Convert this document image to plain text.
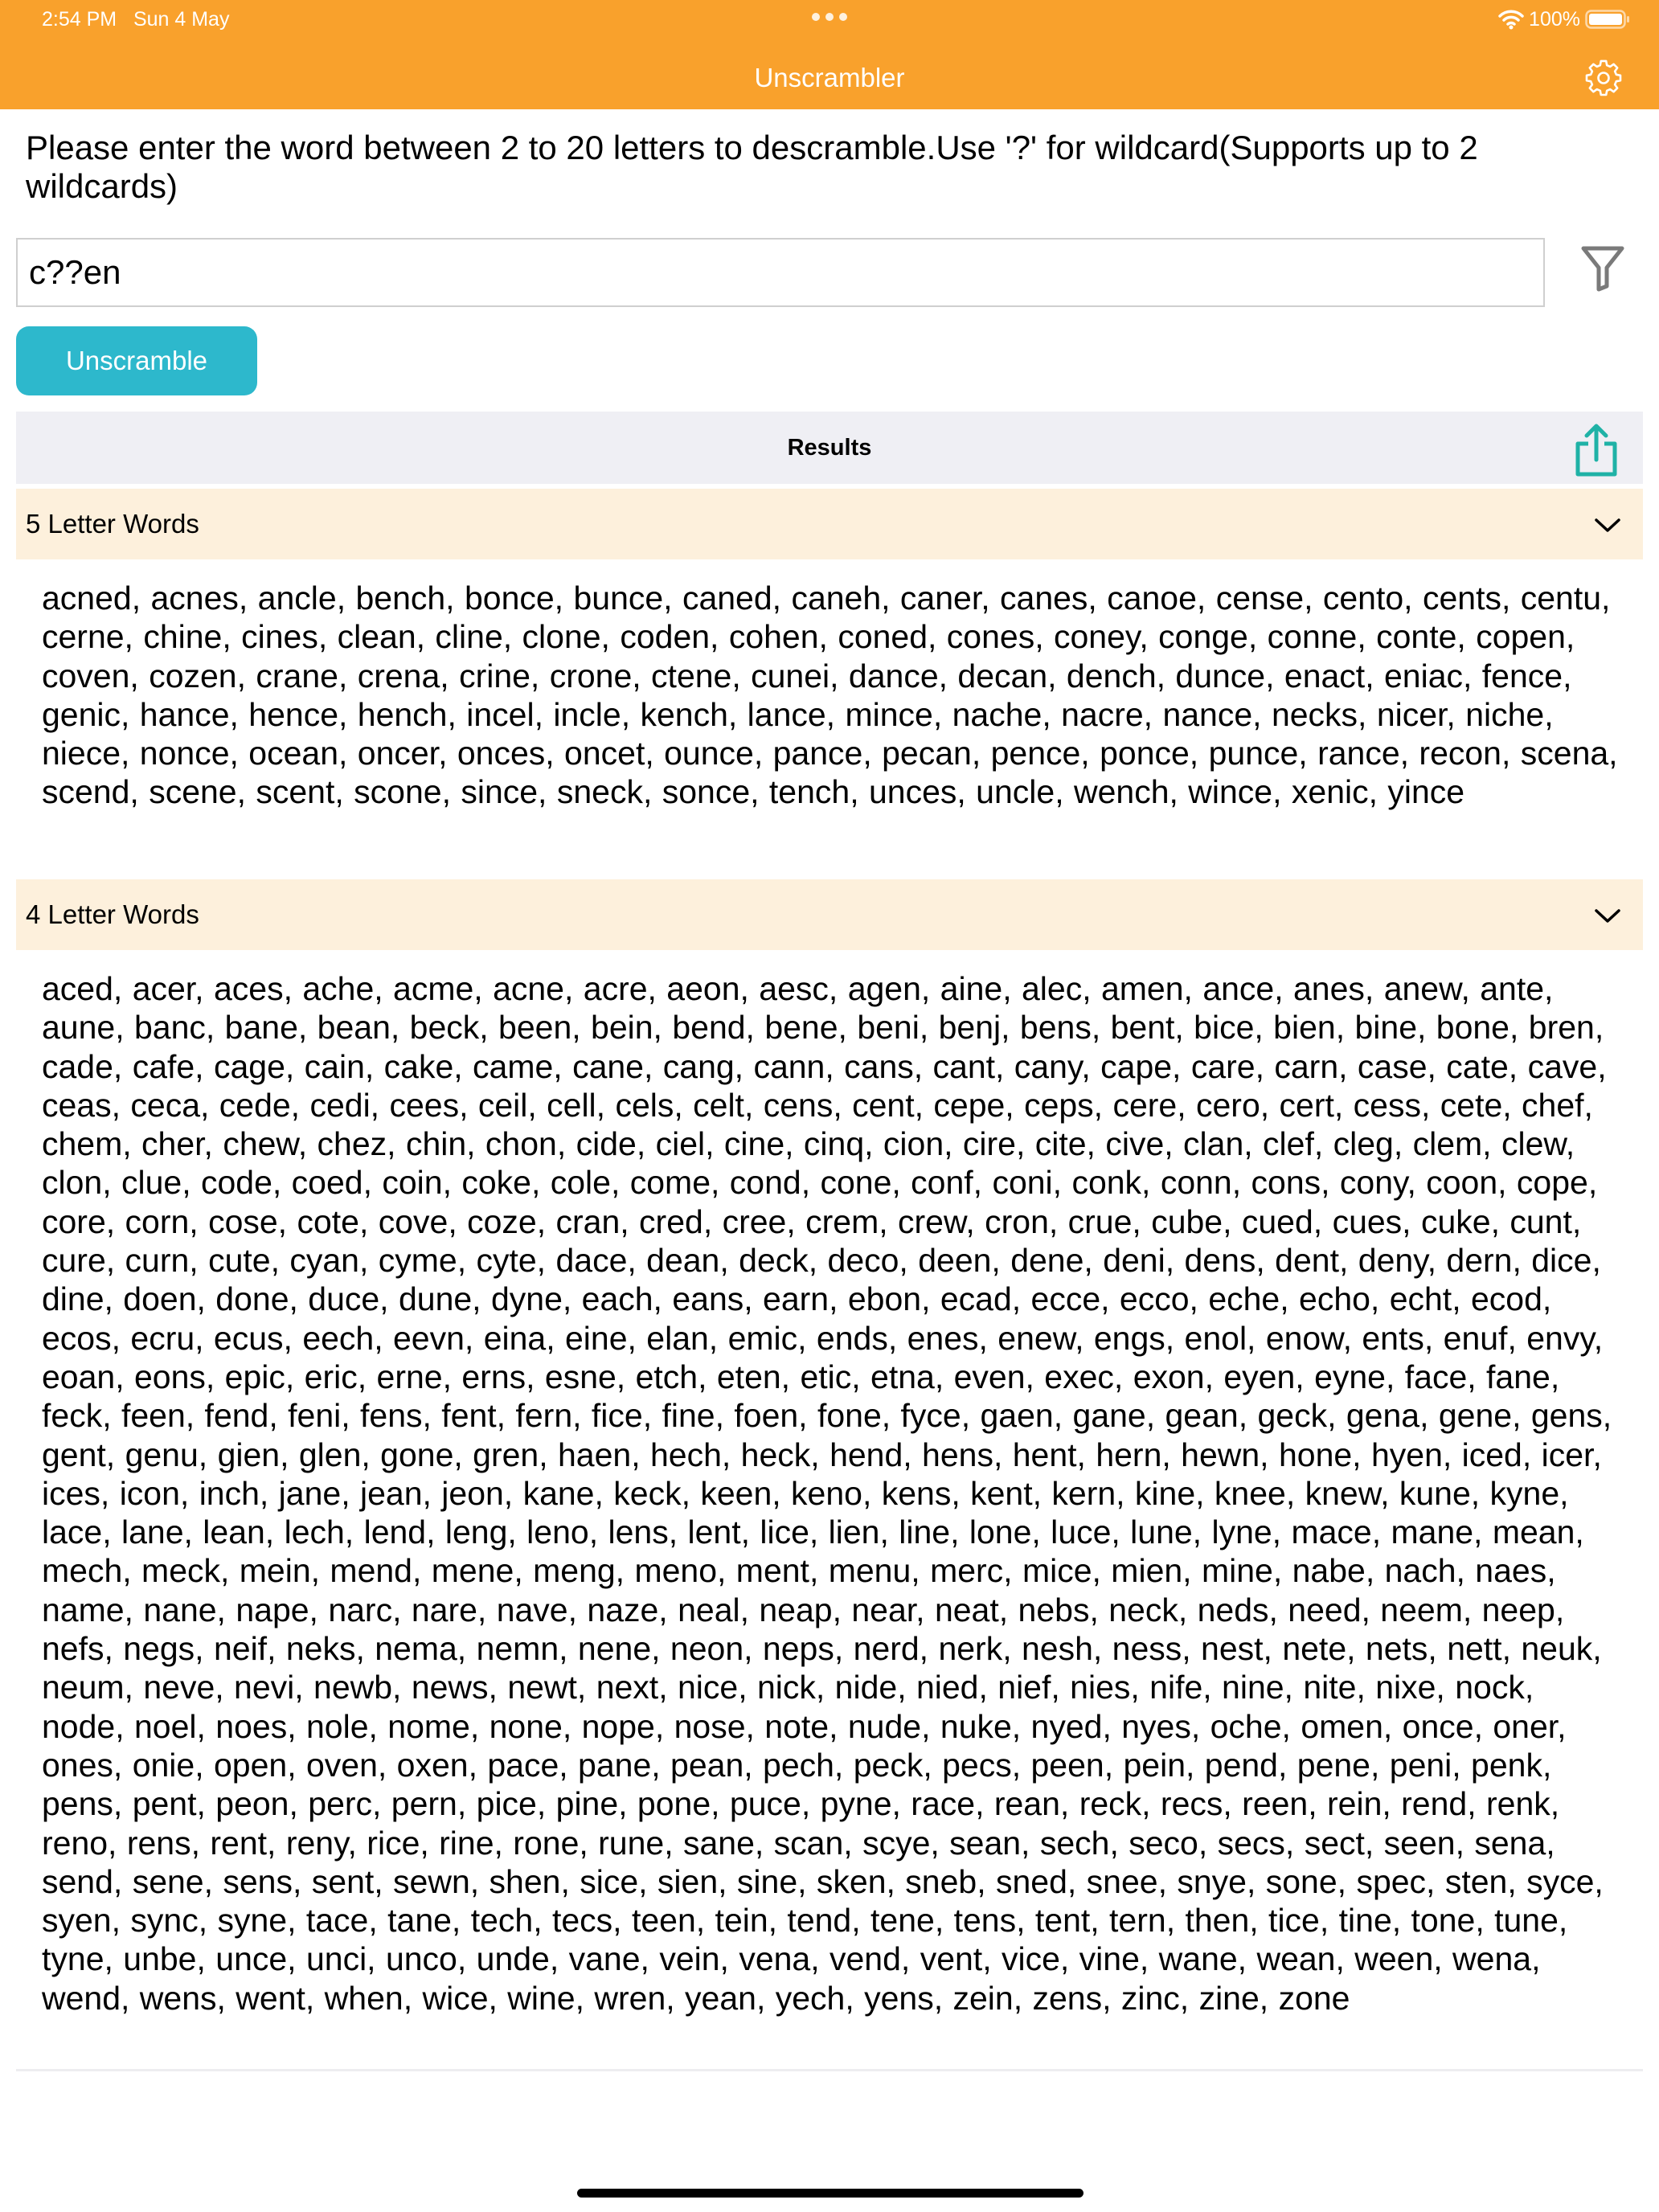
2:54 PM Sun 4 May	100%
Unscrambler
Please enter the word between 2 to 20 letters to descramble.Use '?' for wildcard(Supports up to 2 wildcards)
c??en
Unscramble
Results
5 Letter Words
acned, acnes, ancle, bench, bonce, bunce, caned, caneh, caner, canes, canoe, cense, cento, cents, centu, cerne, chine, cines, clean, cline, clone, coden, cohen, coned, cones, coney, conge, conne, conte, copen, coven, cozen, crane, crena, crine, crone, ctene, cunei, dance, decan, dench, dunce, enact, eniac, fence, genic, hance, hence, hench, incel, incle, kench, lance, mince, nache, nacre, nance, necks, nicer, niche, niece, nonce, ocean, oncer, onces, oncet, ounce, pance, pecan, pence, ponce, punce, rance, recon, scena, scend, scene, scent, scone, since, sneck, sonce, tench, unces, uncle, wench, wince, xenic, yince
4 Letter Words
aced, acer, aces, ache, acme, acne, acre, aeon, aesc, agen, aine, alec, amen, ance, anes, anew, ante, aune, banc, bane, bean, beck, been, bein, bend, bene, beni, benj, bens, bent, bice, bien, bine, bone, bren, cade, cafe, cage, cain, cake, came, cane, cang, cann, cans, cant, cany, cape, care, carn, case, cate, cave, ceas, ceca, cede, cedi, cees, ceil, cell, cels, celt, cens, cent, cepe, ceps, cere, cero, cert, cess, cete, chef, chem, cher, chew, chez, chin, chon, cide, ciel, cine, cinq, cion, cire, cite, cive, clan, clef, cleg, clem, clew, clon, clue, code, coed, coin, coke, cole, come, cond, cone, conf, coni, conk, conn, cons, cony, coon, cope, core, corn, cose, cote, cove, coze, cran, cred, cree, crem, crew, cron, crue, cube, cued, cues, cuke, cunt, cure, curn, cute, cyan, cyme, cyte, dace, dean, deck, deco, deen, dene, deni, dens, dent, deny, dern, dice, dine, doen, done, duce, dune, dyne, each, eans, earn, ebon, ecad, ecce, ecco, eche, echo, echt, ecod, ecos, ecru, ecus, eech, eevn, eina, eine, elan, emic, ends, enes, enew, engs, enol, enow, ents, enuf, envy, eoan, eons, epic, eric, erne, erns, esne, etch, eten, etic, etna, even, exec, exon, eyen, eyne, face, fane, feck, feen, fend, feni, fens, fent, fern, fice, fine, foen, fone, fyce, gaen, gane, gean, geck, gena, gene, gens, gent, genu, gien, glen, gone, gren, haen, hech, heck, hend, hens, hent, hern, hewn, hone, hyen, iced, icer, ices, icon, inch, jane, jean, jeon, kane, keck, keen, keno, kens, kent, kern, kine, knee, knew, kune, kyne, lace, lane, lean, lech, lend, leng, leno, lens, lent, lice, lien, line, lone, luce, lune, lyne, mace, mane, mean, mech, meck, mein, mend, mene, meng, meno, ment, menu, merc, mice, mien, mine, nabe, nach, naes, name, nane, nape, narc, nare, nave, naze, neal, neap, near, neat, nebs, neck, neds, need, neem, neep, nefs, negs, neif, neks, nema, nemn, nene, neon, neps, nerd, nerk, nesh, ness, nest, nete, nets, nett, neuk, neum, neve, nevi, newb, news, newt, next, nice, nick, nide, nied, nief, nies, nife, nine, nite, nixe, nock, node, noel, noes, nole, nome, none, nope, nose, note, nude, nuke, nyed, nyes, oche, omen, once, oner, ones, onie, open, oven, oxen, pace, pane, pean, pech, peck, pecs, peen, pein, pend, pene, peni, penk, pens, pent, peon, perc, pern, pice, pine, pone, puce, pyne, race, rean, reck, recs, reen, rein, rend, renk, reno, rens, rent, reny, rice, rine, rone, rune, sane, scan, scye, sean, sech, seco, secs, sect, seen, sena, send, sene, sens, sent, sewn, shen, sice, sien, sine, sken, sneb, sned, snee, snye, sone, spec, sten, syce, syen, sync, syne, tace, tane, tech, tecs, teen, tein, tend, tene, tens, tent, tern, then, tice, tine, tone, tune, tyne, unbe, unce, unci, unco, unde, vane, vein, vena, vend, vent, vice, vine, wane, wean, ween, wena, wend, wens, went, when, wice, wine, wren, yean, yech, yens, zein, zens, zinc, zine, zone
